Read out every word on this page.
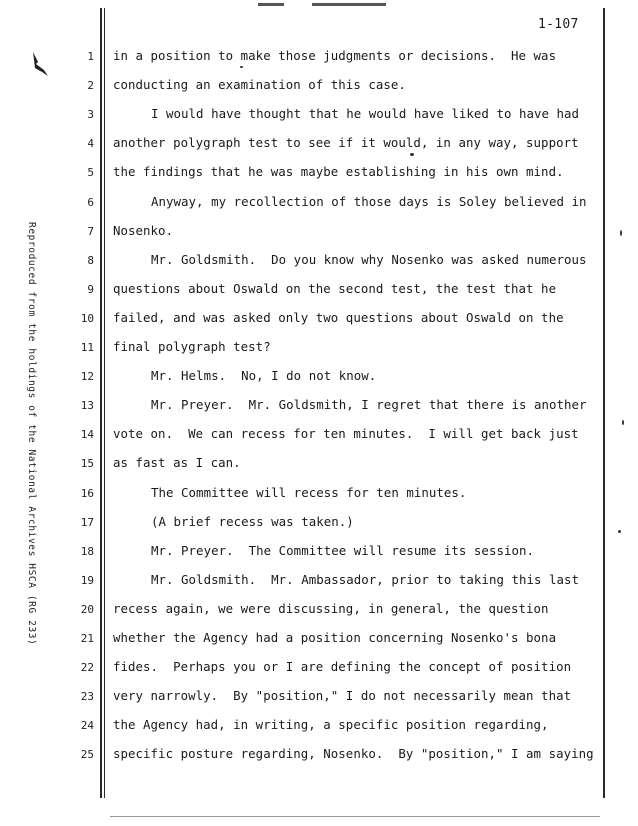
1-107
Reproduced from the holdings of the National Archives HSCA (RG 233)
1 in a position to make those judgments or decisions.  He was
2 conducting an examination of this case.
3	I would have thought that he would have liked to have had
4 another polygraph test to see if it would, in any way, support
5 the findings that he was maybe establishing in his own mind.
6	Anyway, my recollection of those days is Soley believed in
7 Nosenko.
8	Mr. Goldsmith.  Do you know why Nosenko was asked numerous
9 questions about Oswald on the second test, the test that he
10 failed, and was asked only two questions about Oswald on the
11 final polygraph test?
12	Mr. Helms.  No, I do not know.
13	Mr. Preyer.  Mr. Goldsmith, I regret that there is another
14 vote on.  We can recess for ten minutes.  I will get back just
15 as fast as I can.
16	The Committee will recess for ten minutes.
17	(A brief recess was taken.)
18	Mr. Preyer.  The Committee will resume its session.
19	Mr. Goldsmith.  Mr. Ambassador, prior to taking this last
20 recess again, we were discussing, in general, the question
21 whether the Agency had a position concerning Nosenko's bona
22 fides.  Perhaps you or I are defining the concept of position
23 very narrowly.  By "position," I do not necessarily mean that
24 the Agency had, in writing, a specific position regarding,
25 specific posture regarding, Nosenko.  By "position," I am saying
